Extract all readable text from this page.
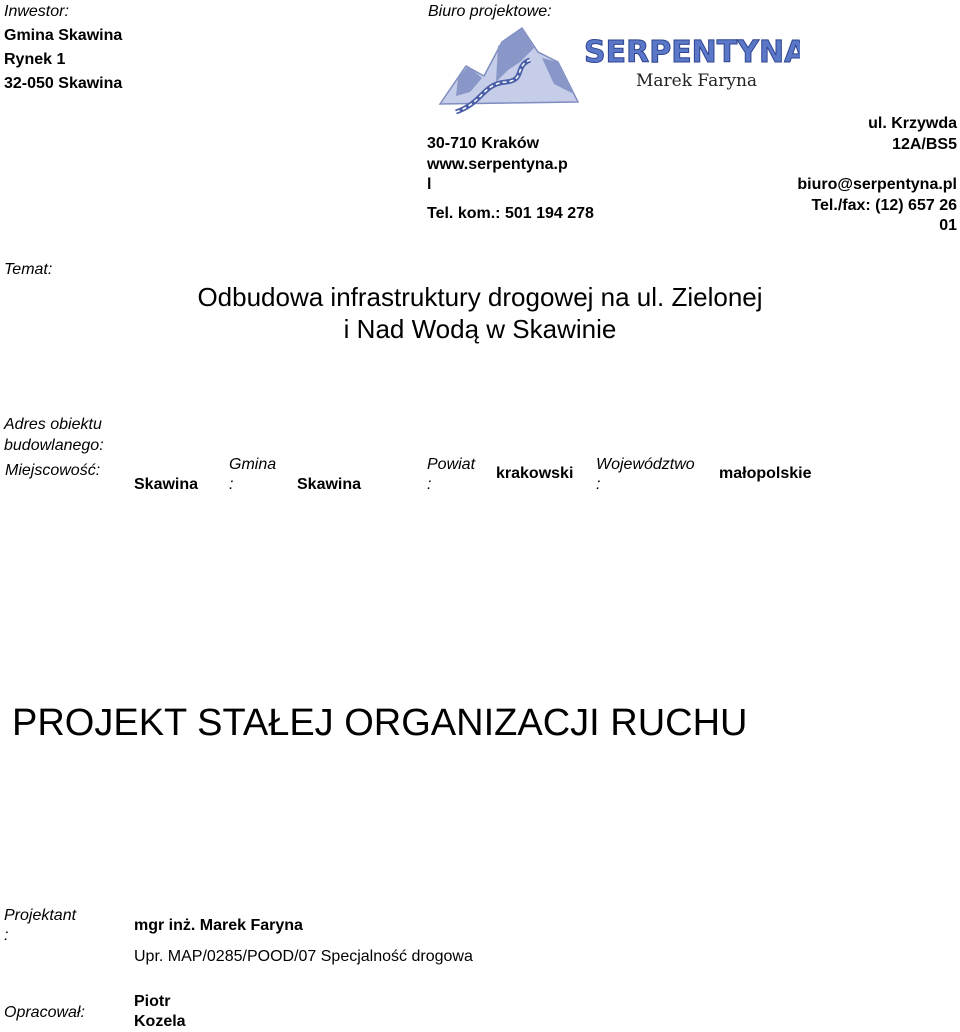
Inwestor:
Gmina Skawina
Rynek 1
32-050 Skawina
Biuro projektowe:
SERPENTYNA
Marek Faryna
30-710 Kraków
www.serpentyna.p
l
Tel. kom.: 501 194 278
ul. Krzywda
12A/BS5
biuro@serpentyna.pl
Tel./fax: (12) 657 26
01
Temat:
Odbudowa infrastruktury drogowej na ul. Zielonej
i Nad Wodą w Skawinie
Adres obiektu
budowlanego:
Miejscowość:
Skawina
Gmina
:	Skawina
Powiat
:
krakowski
Województwo
:
małopolskie
PROJEKT STAŁEJ ORGANIZACJI RUCHU
Projektant
:
mgr inż. Marek Faryna
Upr. MAP/0285/POOD/07 Specjalność drogowa
Opracował:
Piotr
Kozela
